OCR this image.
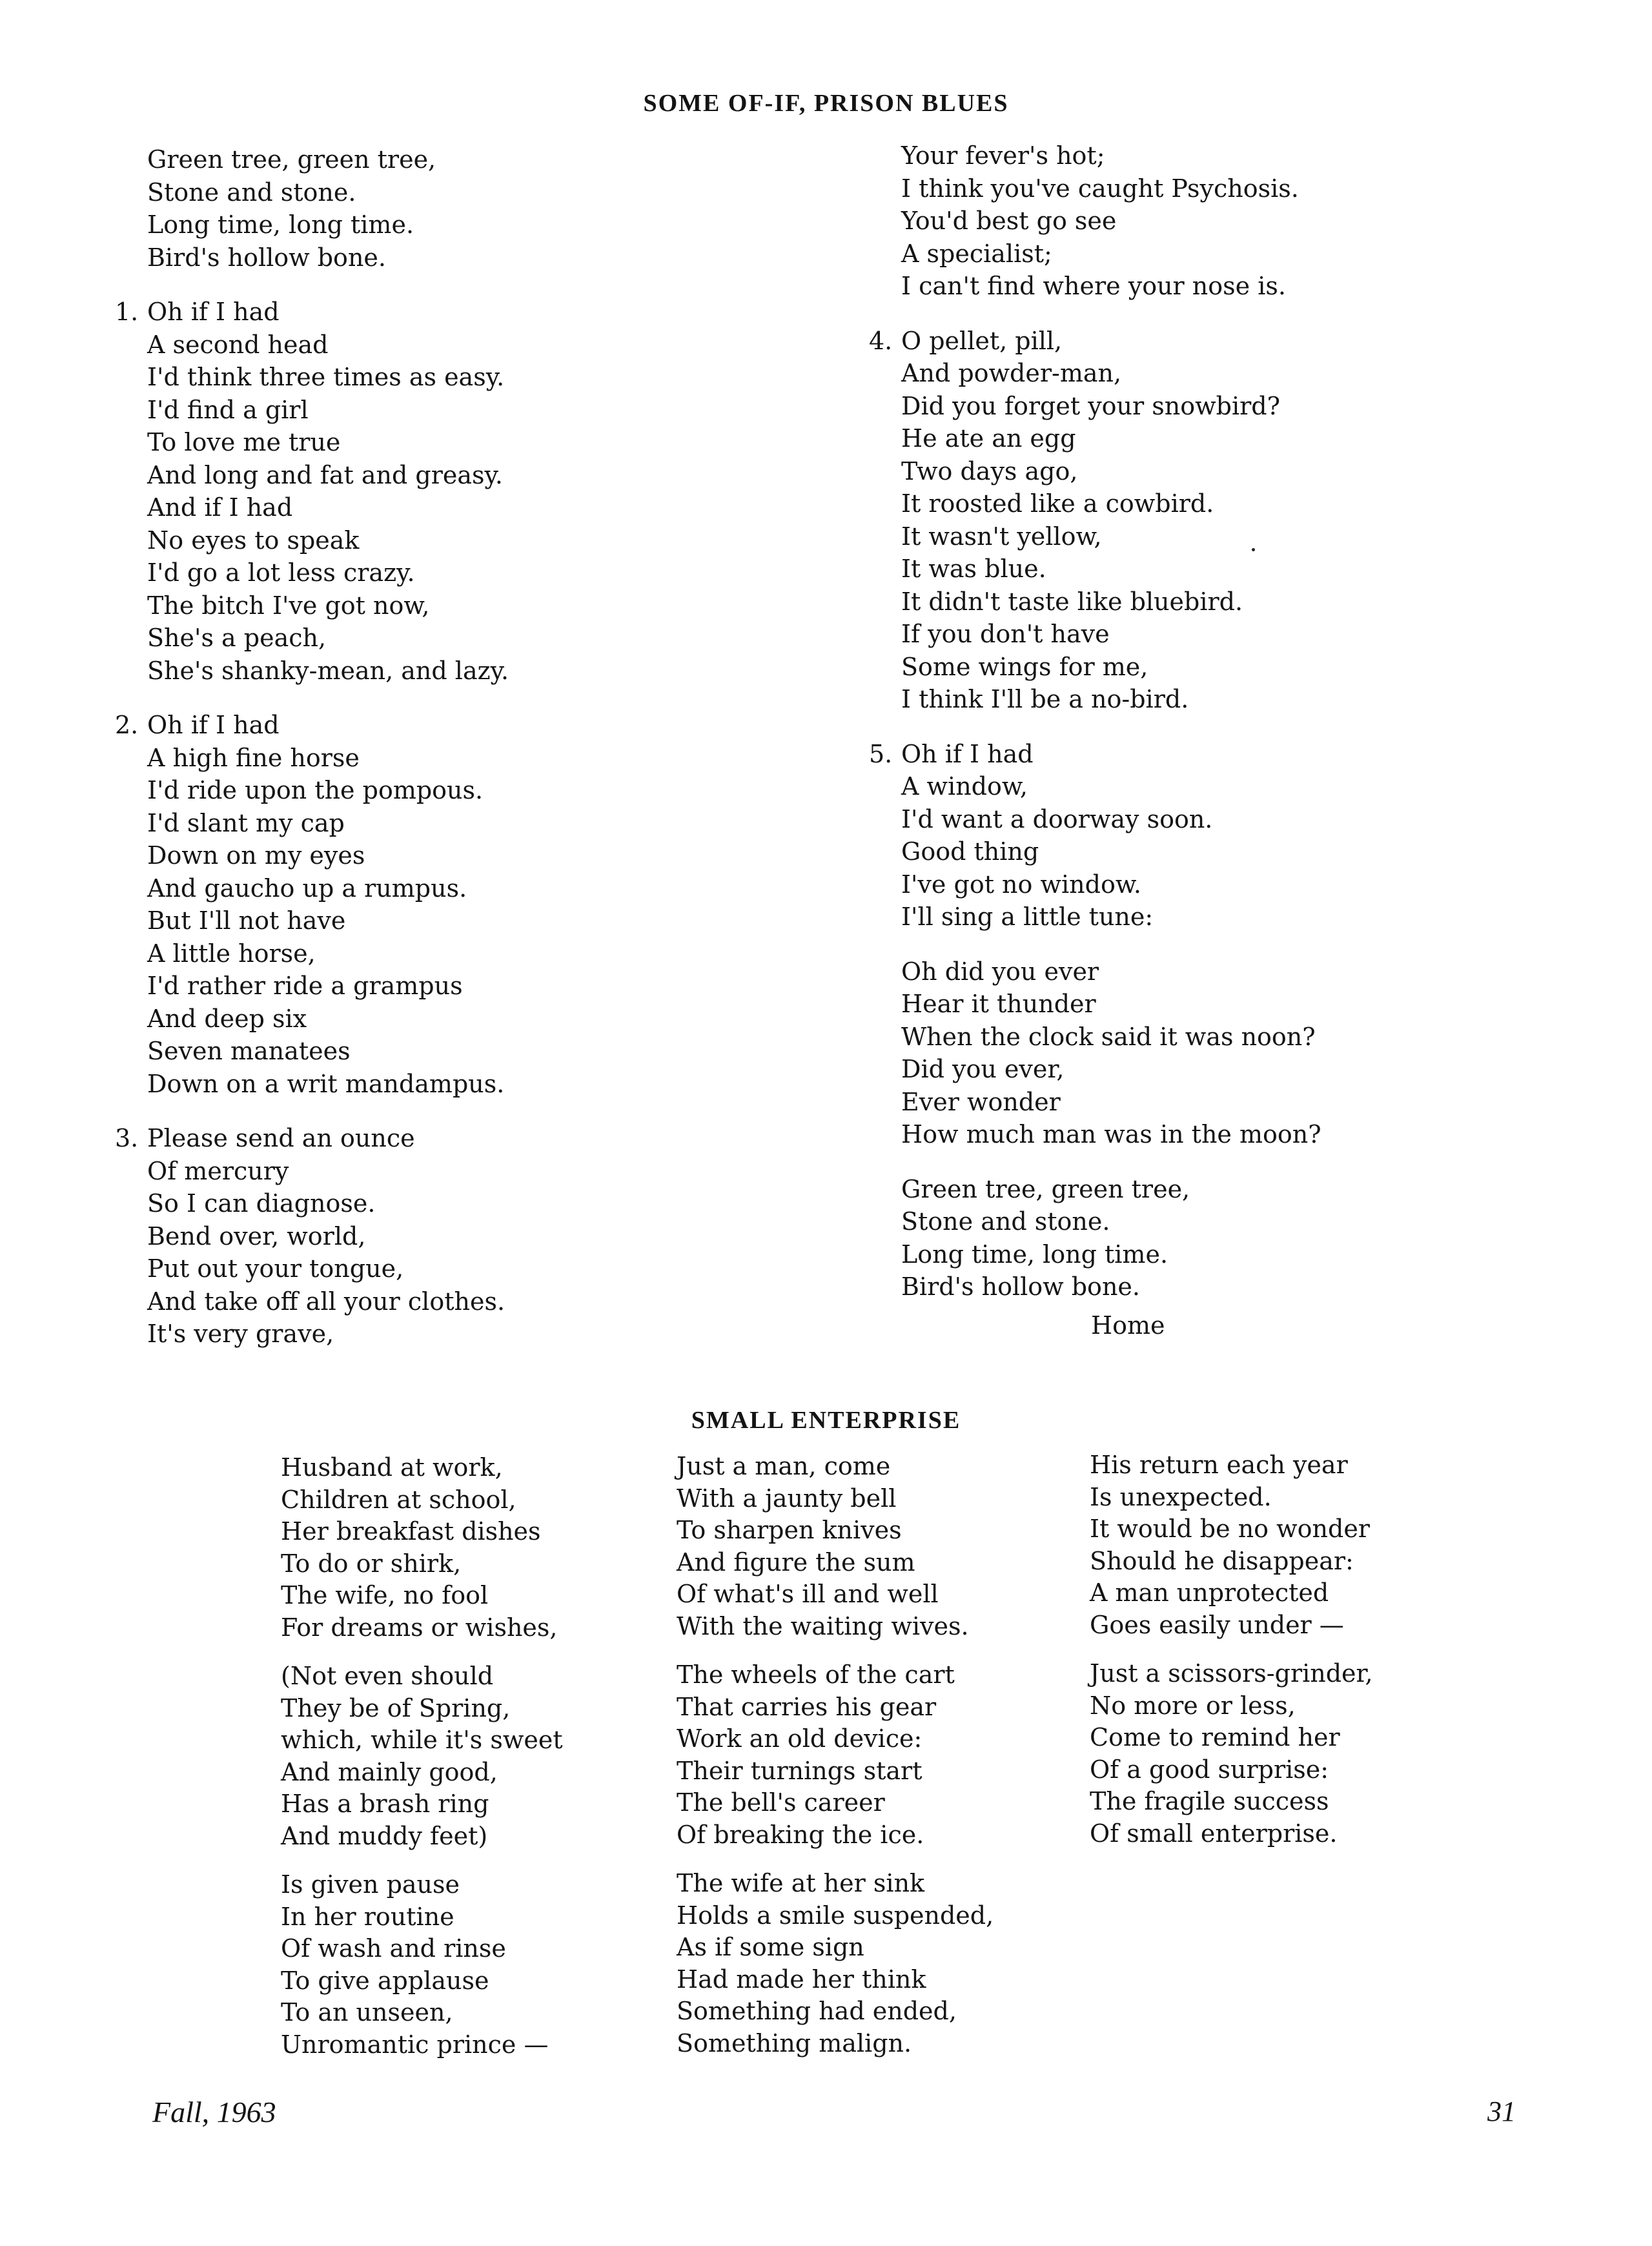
SOME OF-IF, PRISON BLUES
Green tree, green tree,
Stone and stone.
Long time, long time.
Bird's hollow bone.
Oh if I had
1.
A second head
I'd think three times as easy.
I'd find a girl
To love me true
And long and fat and greasy.
And if I had
No eyes to speak
I'd go a lot less crazy.
The bitch I've got now,
She's a peach,
She's shanky-mean, and lazy.
Oh if I had
2.
A high fine horse
I'd ride upon the pompous.
I'd slant my cap
Down on my eyes
And gaucho up a rumpus.
But I'll not have
A little horse,
I'd rather ride a grampus
And deep six
Seven manatees
Down on a writ mandampus.
Please send an ounce
3.
Of mercury
So I can diagnose.
Bend over, world,
Put out your tongue,
And take off all your clothes.
It's very grave,
Your fever's hot;
I think you've caught Psychosis.
You'd best go see
A specialist;
I can't find where your nose is.
O pellet, pill,
4.
And powder-man,
Did you forget your snowbird?
He ate an egg
Two days ago,
It roosted like a cowbird.
It wasn't yellow,
It was blue.
It didn't taste like bluebird.
If you don't have
Some wings for me,
I think I'll be a no-bird.
Oh if I had
5.
A window,
I'd want a doorway soon.
Good thing
I've got no window.
I'll sing a little tune:
Oh did you ever
Hear it thunder
When the clock said it was noon?
Did you ever,
Ever wonder
How much man was in the moon?
Green tree, green tree,
Stone and stone.
Long time, long time.
Bird's hollow bone.
Home
SMALL ENTERPRISE
Husband at work,
Children at school,
Her breakfast dishes
To do or shirk,
The wife, no fool
For dreams or wishes,
(Not even should
They be of Spring,
which, while it's sweet
And mainly good,
Has a brash ring
And muddy feet)
Is given pause
In her routine
Of wash and rinse
To give applause
To an unseen,
Unromantic prince —
Just a man, come
With a jaunty bell
To sharpen knives
And figure the sum
Of what's ill and well
With the waiting wives.
The wheels of the cart
That carries his gear
Work an old device:
Their turnings start
The bell's career
Of breaking the ice.
The wife at her sink
Holds a smile suspended,
As if some sign
Had made her think
Something had ended,
Something malign.
His return each year
Is unexpected.
It would be no wonder
Should he disappear:
A man unprotected
Goes easily under —
Just a scissors-grinder,
No more or less,
Come to remind her
Of a good surprise:
The fragile success
Of small enterprise.
Fall, 1963	31
